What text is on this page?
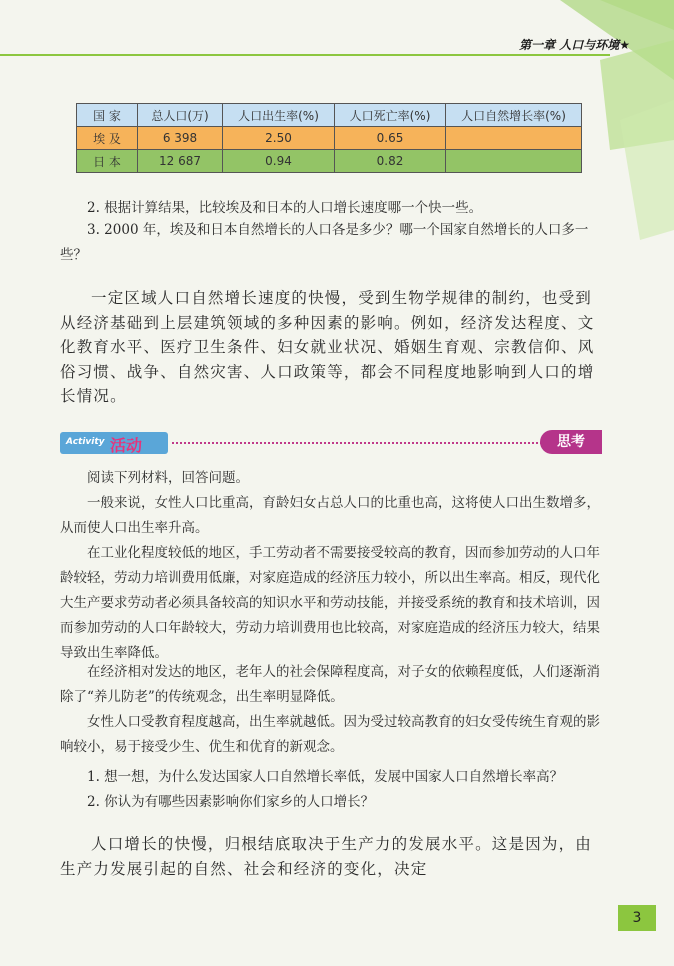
第一章 人口与环境★
国 家	总人口(万)	人口出生率(%)	人口死亡率(%)	人口自然增长率(%)
埃 及	6 398	2.50	0.65	
日 本	12 687	0.94	0.82	
2. 根据计算结果，比较埃及和日本的人口增长速度哪一个快一些。
3. 2000 年，埃及和日本自然增长的人口各是多少？哪一个国家自然增长的人口多一些？
一定区域人口自然增长速度的快慢，受到生物学规律的制约，也受到从经济基础到上层建筑领域的多种因素的影响。例如，经济发达程度、文化教育水平、医疗卫生条件、妇女就业状况、婚姻生育观、宗教信仰、风俗习惯、战争、自然灾害、人口政策等，都会不同程度地影响到人口的增长情况。
Activity 活动	思考
阅读下列材料，回答问题。
一般来说，女性人口比重高，育龄妇女占总人口的比重也高，这将使人口出生数增多，从而使人口出生率升高。
在工业化程度较低的地区，手工劳动者不需要接受较高的教育，因而参加劳动的人口年龄较轻，劳动力培训费用低廉，对家庭造成的经济压力较小，所以出生率高。相反，现代化大生产要求劳动者必须具备较高的知识水平和劳动技能，并接受系统的教育和技术培训，因而参加劳动的人口年龄较大，劳动力培训费用也比较高，对家庭造成的经济压力较大，结果导致出生率降低。
在经济相对发达的地区，老年人的社会保障程度高，对子女的依赖程度低，人们逐渐消除了“养儿防老”的传统观念，出生率明显降低。
女性人口受教育程度越高，出生率就越低。因为受过较高教育的妇女受传统生育观的影响较小，易于接受少生、优生和优育的新观念。
1. 想一想，为什么发达国家人口自然增长率低，发展中国家人口自然增长率高？
2. 你认为有哪些因素影响你们家乡的人口增长？
人口增长的快慢，归根结底取决于生产力的发展水平。这是因为，由生产力发展引起的自然、社会和经济的变化，决定
3
